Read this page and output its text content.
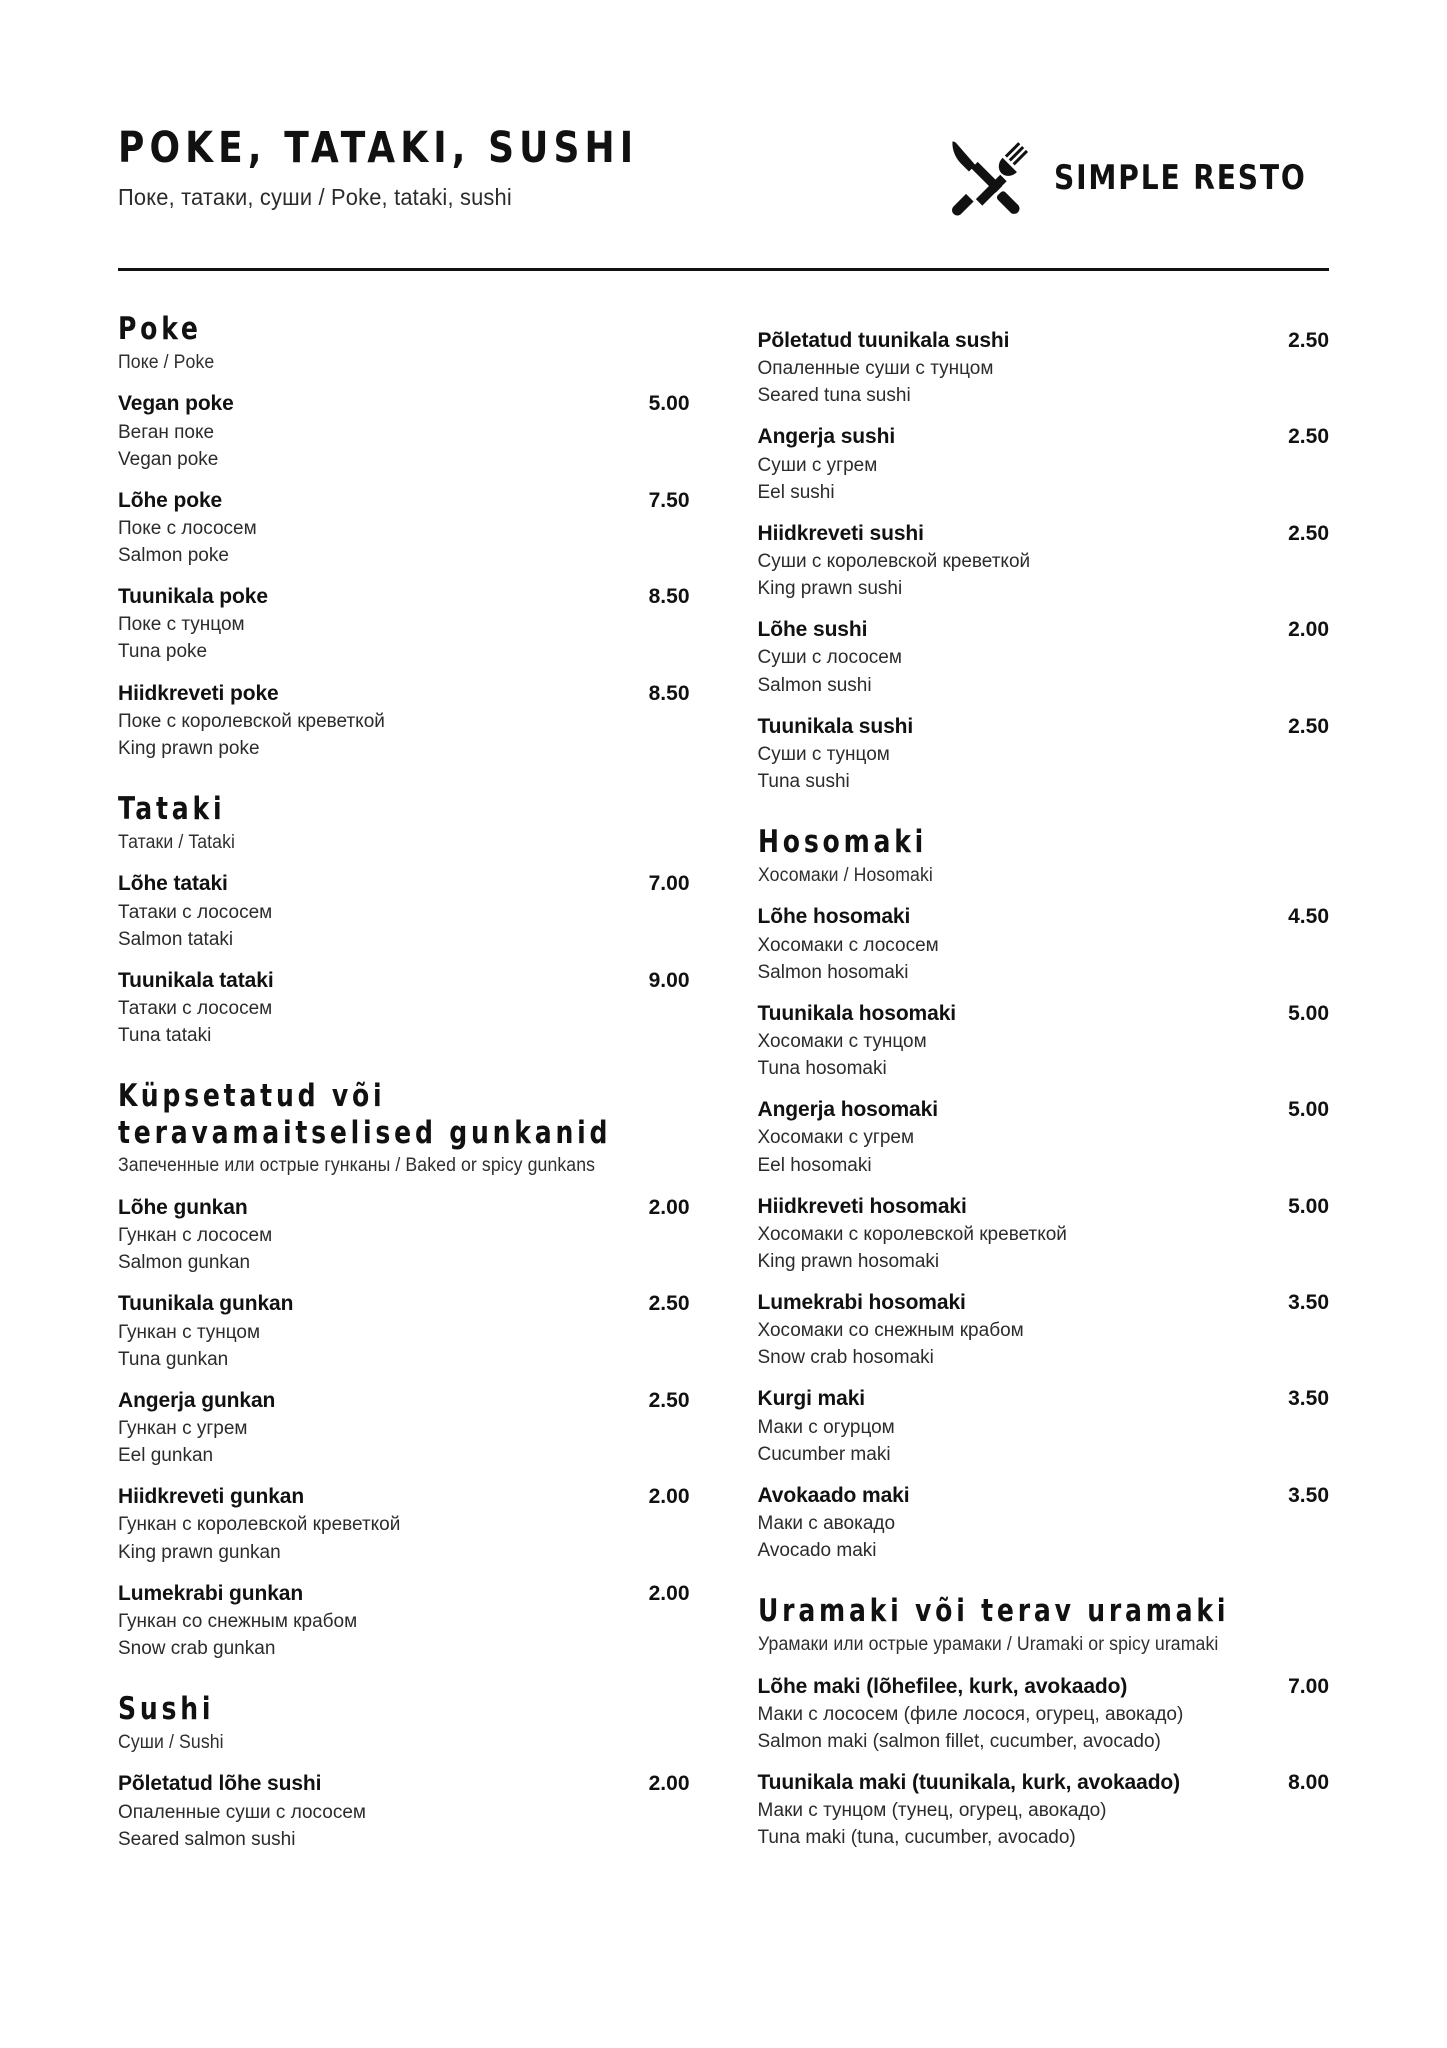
POKE, TATAKI, SUSHI
Поке, татаки, суши / Poke, tataki, sushi	SIMPLE RESTO
Poke
Поке / Poke
Vegan poke	5.00
Веган поке
Vegan poke
Lõhe poke	7.50
Поке с лососем
Salmon poke
Tuunikala poke	8.50
Поке с тунцом
Tuna poke
Hiidkreveti poke	8.50
Поке с королевской креветкой
King prawn poke
Tataki
Татаки / Tataki
Lõhe tataki	7.00
Татаки с лососем
Salmon tataki
Tuunikala tataki	9.00
Татаки с лососем
Tuna tataki
Küpsetatud või teravamaitselised gunkanid
Запеченные или острые гунканы / Baked or spicy gunkans
Lõhe gunkan	2.00
Гункан с лососем
Salmon gunkan
Tuunikala gunkan	2.50
Гункан с тунцом
Tuna gunkan
Angerja gunkan	2.50
Гункан с угрем
Eel gunkan
Hiidkreveti gunkan	2.00
Гункан с королевской креветкой
King prawn gunkan
Lumekrabi gunkan	2.00
Гункан со снежным крабом
Snow crab gunkan
Sushi
Суши / Sushi
Põletatud lõhe sushi	2.00
Опаленные суши с лососем
Seared salmon sushi
Põletatud tuunikala sushi	2.50
Опаленные суши с тунцом
Seared tuna sushi
Angerja sushi	2.50
Суши с угрем
Eel sushi
Hiidkreveti sushi	2.50
Суши с королевской креветкой
King prawn sushi
Lõhe sushi	2.00
Суши с лососем
Salmon sushi
Tuunikala sushi	2.50
Суши с тунцом
Tuna sushi
Hosomaki
Хосомаки / Hosomaki
Lõhe hosomaki	4.50
Хосомаки с лососем
Salmon hosomaki
Tuunikala hosomaki	5.00
Хосомаки с тунцом
Tuna hosomaki
Angerja hosomaki	5.00
Хосомаки с угрем
Eel hosomaki
Hiidkreveti hosomaki	5.00
Хосомаки с королевской креветкой
King prawn hosomaki
Lumekrabi hosomaki	3.50
Хосомаки со снежным крабом
Snow crab hosomaki
Kurgi maki	3.50
Маки с огурцом
Cucumber maki
Avokaado maki	3.50
Маки с авокадо
Avocado maki
Uramaki või terav uramaki
Урамаки или острые урамаки / Uramaki or spicy uramaki
Lõhe maki (lõhefilee, kurk, avokaado)	7.00
Маки с лососем (филе лосося, огурец, авокадо)
Salmon maki (salmon fillet, cucumber, avocado)
Tuunikala maki (tuunikala, kurk, avokaado)	8.00
Маки с тунцом (тунец, огурец, авокадо)
Tuna maki (tuna, cucumber, avocado)
